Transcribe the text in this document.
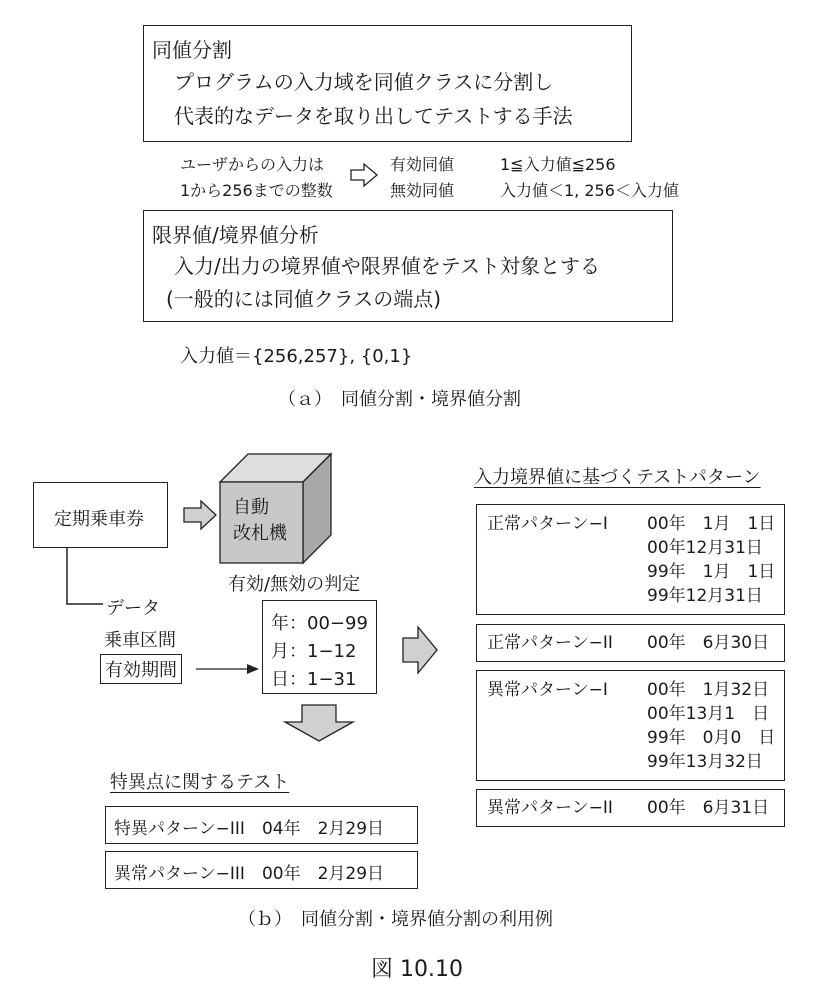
同値分割
プログラムの入力域を同値クラスに分割し
代表的なデータを取り出してテストする手法
ユーザからの入力は
1から256までの整数
有効同値	1≦入力値≦256
無効同値	入力値＜1, 256＜入力値
限界値/境界値分析
入力/出力の境界値や限界値をテスト対象とする
(一般的には同値クラスの端点)
入力値＝{256,257}, {0,1}
（ａ）　同値分割・境界値分割
定期乗車券
自動
改札機
有効/無効の判定
データ
乗車区間
有効期間
年：00−99
月：1−12
日：1−31
入力境界値に基づくテストパターン
正常パターン−I 00年　1月　1日
00年12月31日
99年　1月　1日
99年12月31日
正常パターン−II 00年　6月30日
異常パターン−I 00年　1月32日
00年13月1　日
99年　0月0　日
99年13月32日
異常パターン−II 00年　6月31日
特異点に関するテスト
特異パターン−III　04年　2月29日
異常パターン−III　00年　2月29日
（ｂ）　同値分割・境界値分割の利用例
図 10.10
